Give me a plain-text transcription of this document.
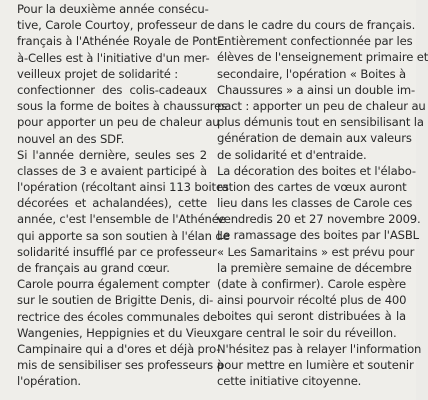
Pour la deuxième année consécu-
tive, Carole Courtoy, professeur de
français à l'Athénée Royale de Pont-
à-Celles est à l'initiative d'un mer-
veilleux projet de solidarité :
confectionner des colis-cadeaux
sous la forme de boites à chaussures
pour apporter un peu de chaleur au
nouvel an des SDF.
Si l'année dernière, seules ses 2
classes de 3 e avaient participé à
l'opération (récoltant ainsi 113 boites
décorées et achalandées), cette
année, c'est l'ensemble de l'Athénée
qui apporte sa son soutien à l'élan de
solidarité insufflé par ce professeur
de français au grand cœur.
Carole pourra également compter
sur le soutien de Brigitte Denis, di-
rectrice des écoles communales de
Wangenies, Heppignies et du Vieux
Campinaire qui a d'ores et déjà pro-
mis de sensibiliser ses professeurs à
l'opération.
dans le cadre du cours de français.
Entièrement confectionnée par les
élèves de l'enseignement primaire et
secondaire, l'opération « Boites à
Chaussures » a ainsi un double im-
pact : apporter un peu de chaleur au
plus démunis tout en sensibilisant la
génération de demain aux valeurs
de solidarité et d'entraide.
La décoration des boites et l'élabo-
ration des cartes de vœux auront
lieu dans les classes de Carole ces
vendredis 20 et 27 novembre 2009.
Le ramassage des boites par l'ASBL
« Les Samaritains » est prévu pour
la première semaine de décembre
(date à confirmer). Carole espère
ainsi pourvoir récolté plus de 400
boites qui seront distribuées à la
gare central le soir du réveillon.
N'hésitez pas à relayer l'information
pour mettre en lumière et soutenir
cette initiative citoyenne.
